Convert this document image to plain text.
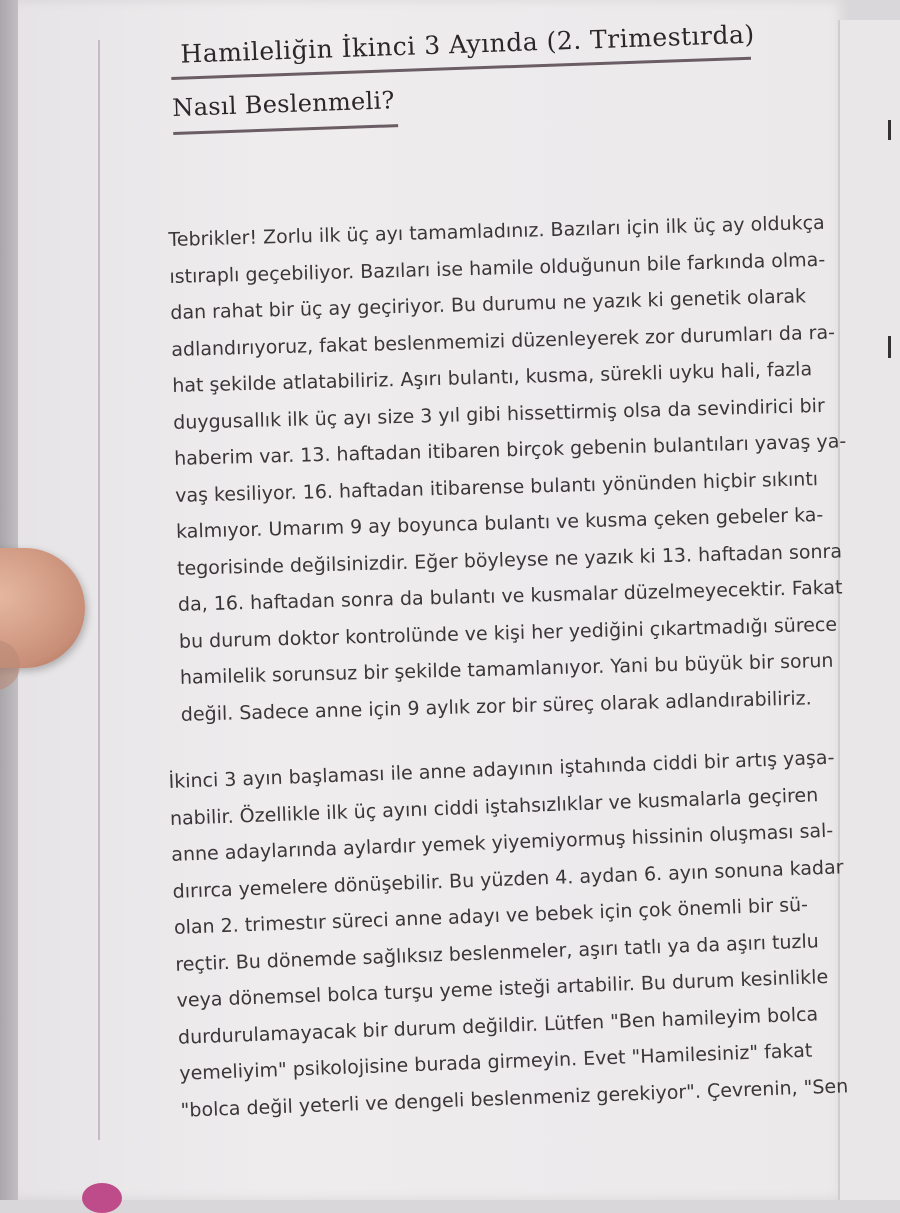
Hamileliğin İkinci 3 Ayında (2. Trimestırda)
Nasıl Beslenmeli?
Tebrikler! Zorlu ilk üç ayı tamamladınız. Bazıları için ilk üç ay oldukça
ıstıraplı geçebiliyor. Bazıları ise hamile olduğunun bile farkında olma-
dan rahat bir üç ay geçiriyor. Bu durumu ne yazık ki genetik olarak
adlandırıyoruz, fakat beslenmemizi düzenleyerek zor durumları da ra-
hat şekilde atlatabiliriz. Aşırı bulantı, kusma, sürekli uyku hali, fazla
duygusallık ilk üç ayı size 3 yıl gibi hissettirmiş olsa da sevindirici bir
haberim var. 13. haftadan itibaren birçok gebenin bulantıları yavaş ya-
vaş kesiliyor. 16. haftadan itibarense bulantı yönünden hiçbir sıkıntı
kalmıyor. Umarım 9 ay boyunca bulantı ve kusma çeken gebeler ka-
tegorisinde değilsinizdir. Eğer böyleyse ne yazık ki 13. haftadan sonra
da, 16. haftadan sonra da bulantı ve kusmalar düzelmeyecektir. Fakat
bu durum doktor kontrolünde ve kişi her yediğini çıkartmadığı sürece
hamilelik sorunsuz bir şekilde tamamlanıyor. Yani bu büyük bir sorun
değil. Sadece anne için 9 aylık zor bir süreç olarak adlandırabiliriz.
İkinci 3 ayın başlaması ile anne adayının iştahında ciddi bir artış yaşa-
nabilir. Özellikle ilk üç ayını ciddi iştahsızlıklar ve kusmalarla geçiren
anne adaylarında aylardır yemek yiyemiyormuş hissinin oluşması sal-
dırırca yemelere dönüşebilir. Bu yüzden 4. aydan 6. ayın sonuna kadar
olan 2. trimestır süreci anne adayı ve bebek için çok önemli bir sü-
reçtir. Bu dönemde sağlıksız beslenmeler, aşırı tatlı ya da aşırı tuzlu
veya dönemsel bolca turşu yeme isteği artabilir. Bu durum kesinlikle
durdurulamayacak bir durum değildir. Lütfen "Ben hamileyim bolca
yemeliyim" psikolojisine burada girmeyin. Evet "Hamilesiniz" fakat
"bolca değil yeterli ve dengeli beslenmeniz gerekiyor". Çevrenin, "Sen
